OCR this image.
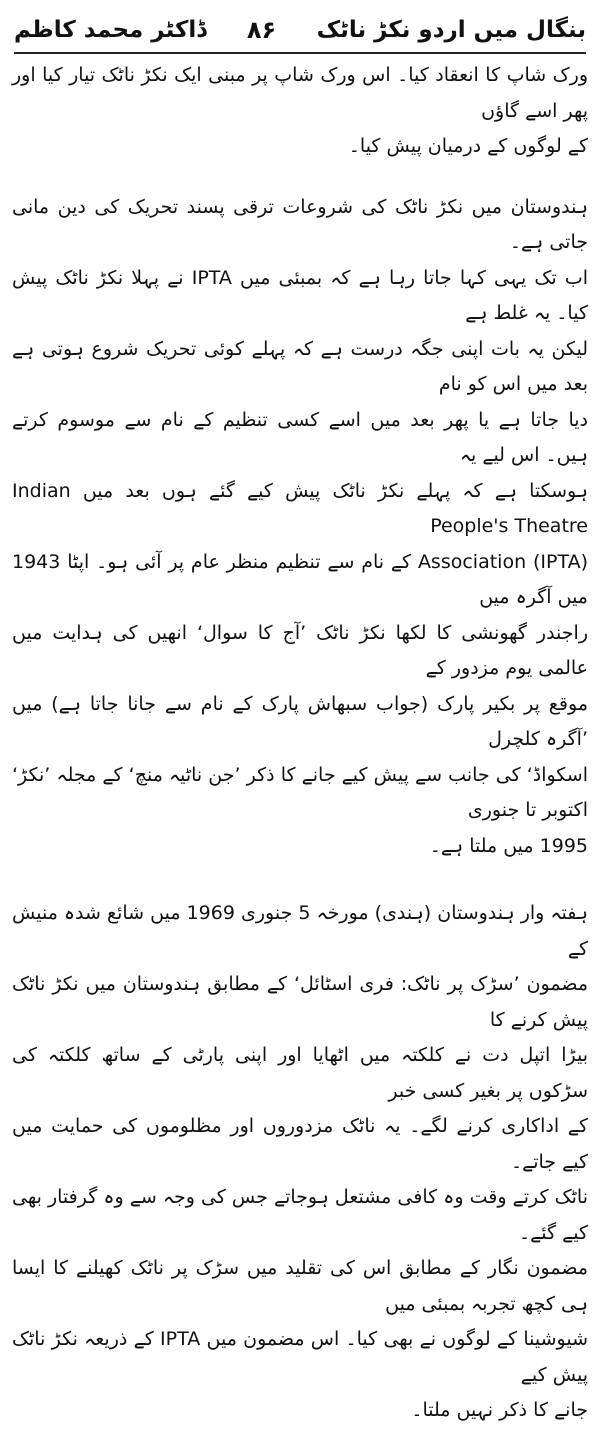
بنگال میں اردو نکڑ ناٹک
۸۶
ڈاکٹر محمد کاظم
ورک شاپ کا انعقاد کیا۔ اس ورک شاپ پر مبنی ایک نکڑ ناٹک تیار کیا اور پھر اسے گاؤں
کے لوگوں کے درمیان پیش کیا۔
ہندوستان میں نکڑ ناٹک کی شروعات ترقی پسند تحریک کی دین مانی جاتی ہے۔
اب تک یہی کہا جاتا رہا ہے کہ بمبئی میں IPTA نے پہلا نکڑ ناٹک پیش کیا۔ یہ غلط ہے
لیکن یہ بات اپنی جگہ درست ہے کہ پہلے کوئی تحریک شروع ہوتی ہے بعد میں اس کو نام
دیا جاتا ہے یا پھر بعد میں اسے کسی تنظیم کے نام سے موسوم کرتے ہیں۔ اس لیے یہ
ہوسکتا ہے کہ پہلے نکڑ ناٹک پیش کیے گئے ہوں بعد میں Indian People's Theatre
Association (IPTA) کے نام سے تنظیم منظر عام پر آئی ہو۔ اپٹا 1943 میں آگرہ میں
راجندر گھونشی کا لکھا نکڑ ناٹک ’آج کا سوال‘ انھیں کی ہدایت میں عالمی یوم مزدور کے
موقع پر بکیر پارک (جواب سبھاش پارک کے نام سے جانا جاتا ہے) میں ’آگرہ کلچرل
اسکواڈ‘ کی جانب سے پیش کیے جانے کا ذکر ’جن ناٹیہ منچ‘ کے مجلہ ’نکڑ‘ اکتوبر تا جنوری
1995 میں ملتا ہے۔
ہفتہ وار ہندوستان (ہندی) مورخہ 5 جنوری 1969 میں شائع شدہ منیش کے
مضمون ’سڑک پر ناٹک: فری اسٹائل‘ کے مطابق ہندوستان میں نکڑ ناٹک پیش کرنے کا
بیڑا اتپل دت نے کلکتہ میں اٹھایا اور اپنی پارٹی کے ساتھ کلکتہ کی سڑکوں پر بغیر کسی خبر
کے اداکاری کرنے لگے۔ یہ ناٹک مزدوروں اور مظلوموں کی حمایت میں کیے جاتے۔
ناٹک کرتے وقت وہ کافی مشتعل ہوجاتے جس کی وجہ سے وہ گرفتار بھی کیے گئے۔
مضمون نگار کے مطابق اس کی تقلید میں سڑک پر ناٹک کھیلنے کا ایسا ہی کچھ تجربہ بمبئی میں
شیوشینا کے لوگوں نے بھی کیا۔ اس مضمون میں IPTA کے ذریعہ نکڑ ناٹک پیش کیے
جانے کا ذکر نہیں ملتا۔
